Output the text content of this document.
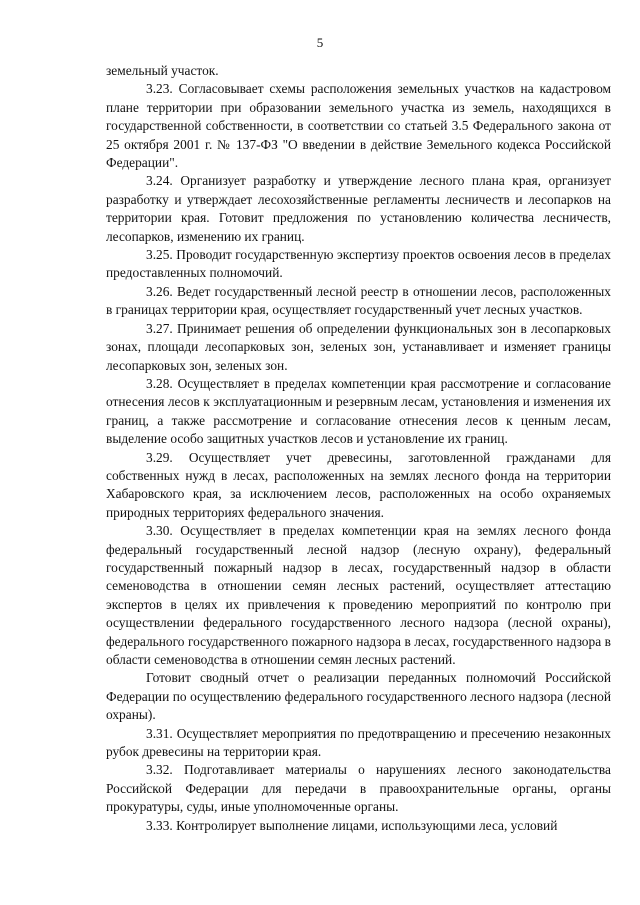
5

земельный участок.

3.23. Согласовывает схемы расположения земельных участков на кадастровом плане территории при образовании земельного участка из земель, находящихся в государственной собственности, в соответствии со статьей 3.5 Федерального закона от 25 октября 2001 г. № 137-ФЗ "О введении в действие Земельного кодекса Российской Федерации".

3.24. Организует разработку и утверждение лесного плана края, организует разработку и утверждает лесохозяйственные регламенты лесничеств и лесопарков на территории края. Готовит предложения по установлению количества лесничеств, лесопарков, изменению их границ.

3.25. Проводит государственную экспертизу проектов освоения лесов в пределах предоставленных полномочий.

3.26. Ведет государственный лесной реестр в отношении лесов, расположенных в границах территории края, осуществляет государственный учет лесных участков.

3.27. Принимает решения об определении функциональных зон в лесопарковых зонах, площади лесопарковых зон, зеленых зон, устанавливает и изменяет границы лесопарковых зон, зеленых зон.

3.28. Осуществляет в пределах компетенции края рассмотрение и согласование отнесения лесов к эксплуатационным и резервным лесам, установления и изменения их границ, а также рассмотрение и согласование отнесения лесов к ценным лесам, выделение особо защитных участков лесов и установление их границ.

3.29. Осуществляет учет древесины, заготовленной гражданами для собственных нужд в лесах, расположенных на землях лесного фонда на территории Хабаровского края, за исключением лесов, расположенных на особо охраняемых природных территориях федерального значения.

3.30. Осуществляет в пределах компетенции края на землях лесного фонда федеральный государственный лесной надзор (лесную охрану), федеральный государственный пожарный надзор в лесах, государственный надзор в области семеноводства в отношении семян лесных растений, осуществляет аттестацию экспертов в целях их привлечения к проведению мероприятий по контролю при осуществлении федерального государственного лесного надзора (лесной охраны), федерального государственного пожарного надзора в лесах, государственного надзора в области семеноводства в отношении семян лесных растений.

Готовит сводный отчет о реализации переданных полномочий Российской Федерации по осуществлению федерального государственного лесного надзора (лесной охраны).

3.31. Осуществляет мероприятия по предотвращению и пресечению незаконных рубок древесины на территории края.

3.32. Подготавливает материалы о нарушениях лесного законодательства Российской Федерации для передачи в правоохранительные органы, органы прокуратуры, суды, иные уполномоченные органы.

3.33. Контролирует выполнение лицами, использующими леса, условий
